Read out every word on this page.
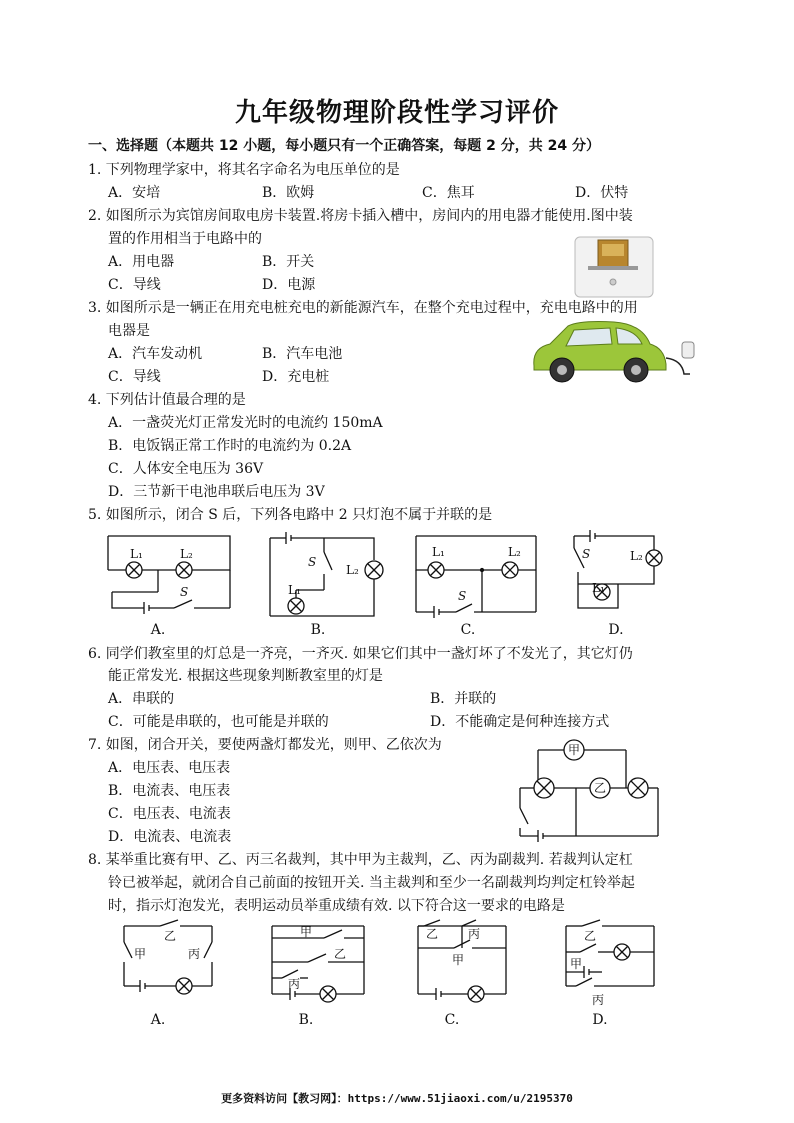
九年级物理阶段性学习评价
一、选择题（本题共 12 小题，每小题只有一个正确答案，每题 2 分，共 24 分）
1. 下列物理学家中，将其名字命名为电压单位的是
A．安培	B．欧姆	C．焦耳	D．伏特
2. 如图所示为宾馆房间取电房卡装置.将房卡插入槽中，房间内的用电器才能使用.图中装
置的作用相当于电路中的
A．用电器	B．开关
C．导线	D．电源
3. 如图所示是一辆正在用充电桩充电的新能源汽车，在整个充电过程中，充电电路中的用
电器是
A．汽车发动机	B．汽车电池
C．导线	D．充电桩
4. 下列估计值最合理的是
A．一盏荧光灯正常发光时的电流约 150mA
B．电饭锅正常工作时的电流约为 0.2A
C．人体安全电压为 36V
D．三节新干电池串联后电压为 3V
5. 如图所示，闭合 S 后，下列各电路中 2 只灯泡不属于并联的是
L₁	L₂
S
A.
S
L₂
L₁
B.
L₁	L₂
S
C.
S	L₂
L₁
D.
6. 同学们教室里的灯总是一齐亮，一齐灭. 如果它们其中一盏灯坏了不发光了，其它灯仍
能正常发光. 根据这些现象判断教室里的灯是
A．串联的	B．并联的
C．可能是串联的，也可能是并联的	D．不能确定是何种连接方式
7. 如图，闭合开关，要使两盏灯都发光，则甲、乙依次为
A．电压表、电压表
B．电流表、电压表
C．电压表、电流表
D．电流表、电流表
甲
乙
8. 某举重比赛有甲、乙、丙三名裁判，其中甲为主裁判，乙、丙为副裁判. 若裁判认定杠
铃已被举起，就闭合自己前面的按钮开关. 当主裁判和至少一名副裁判均判定杠铃举起
时，指示灯泡发光，表明运动员举重成绩有效. 以下符合这一要求的电路是
乙
甲	丙
A.
甲
乙
丙
B.
乙 丙
甲
C.
乙
甲
丙
D.
更多资料访问【教习网】：https://www.51jiaoxi.com/u/2195370
